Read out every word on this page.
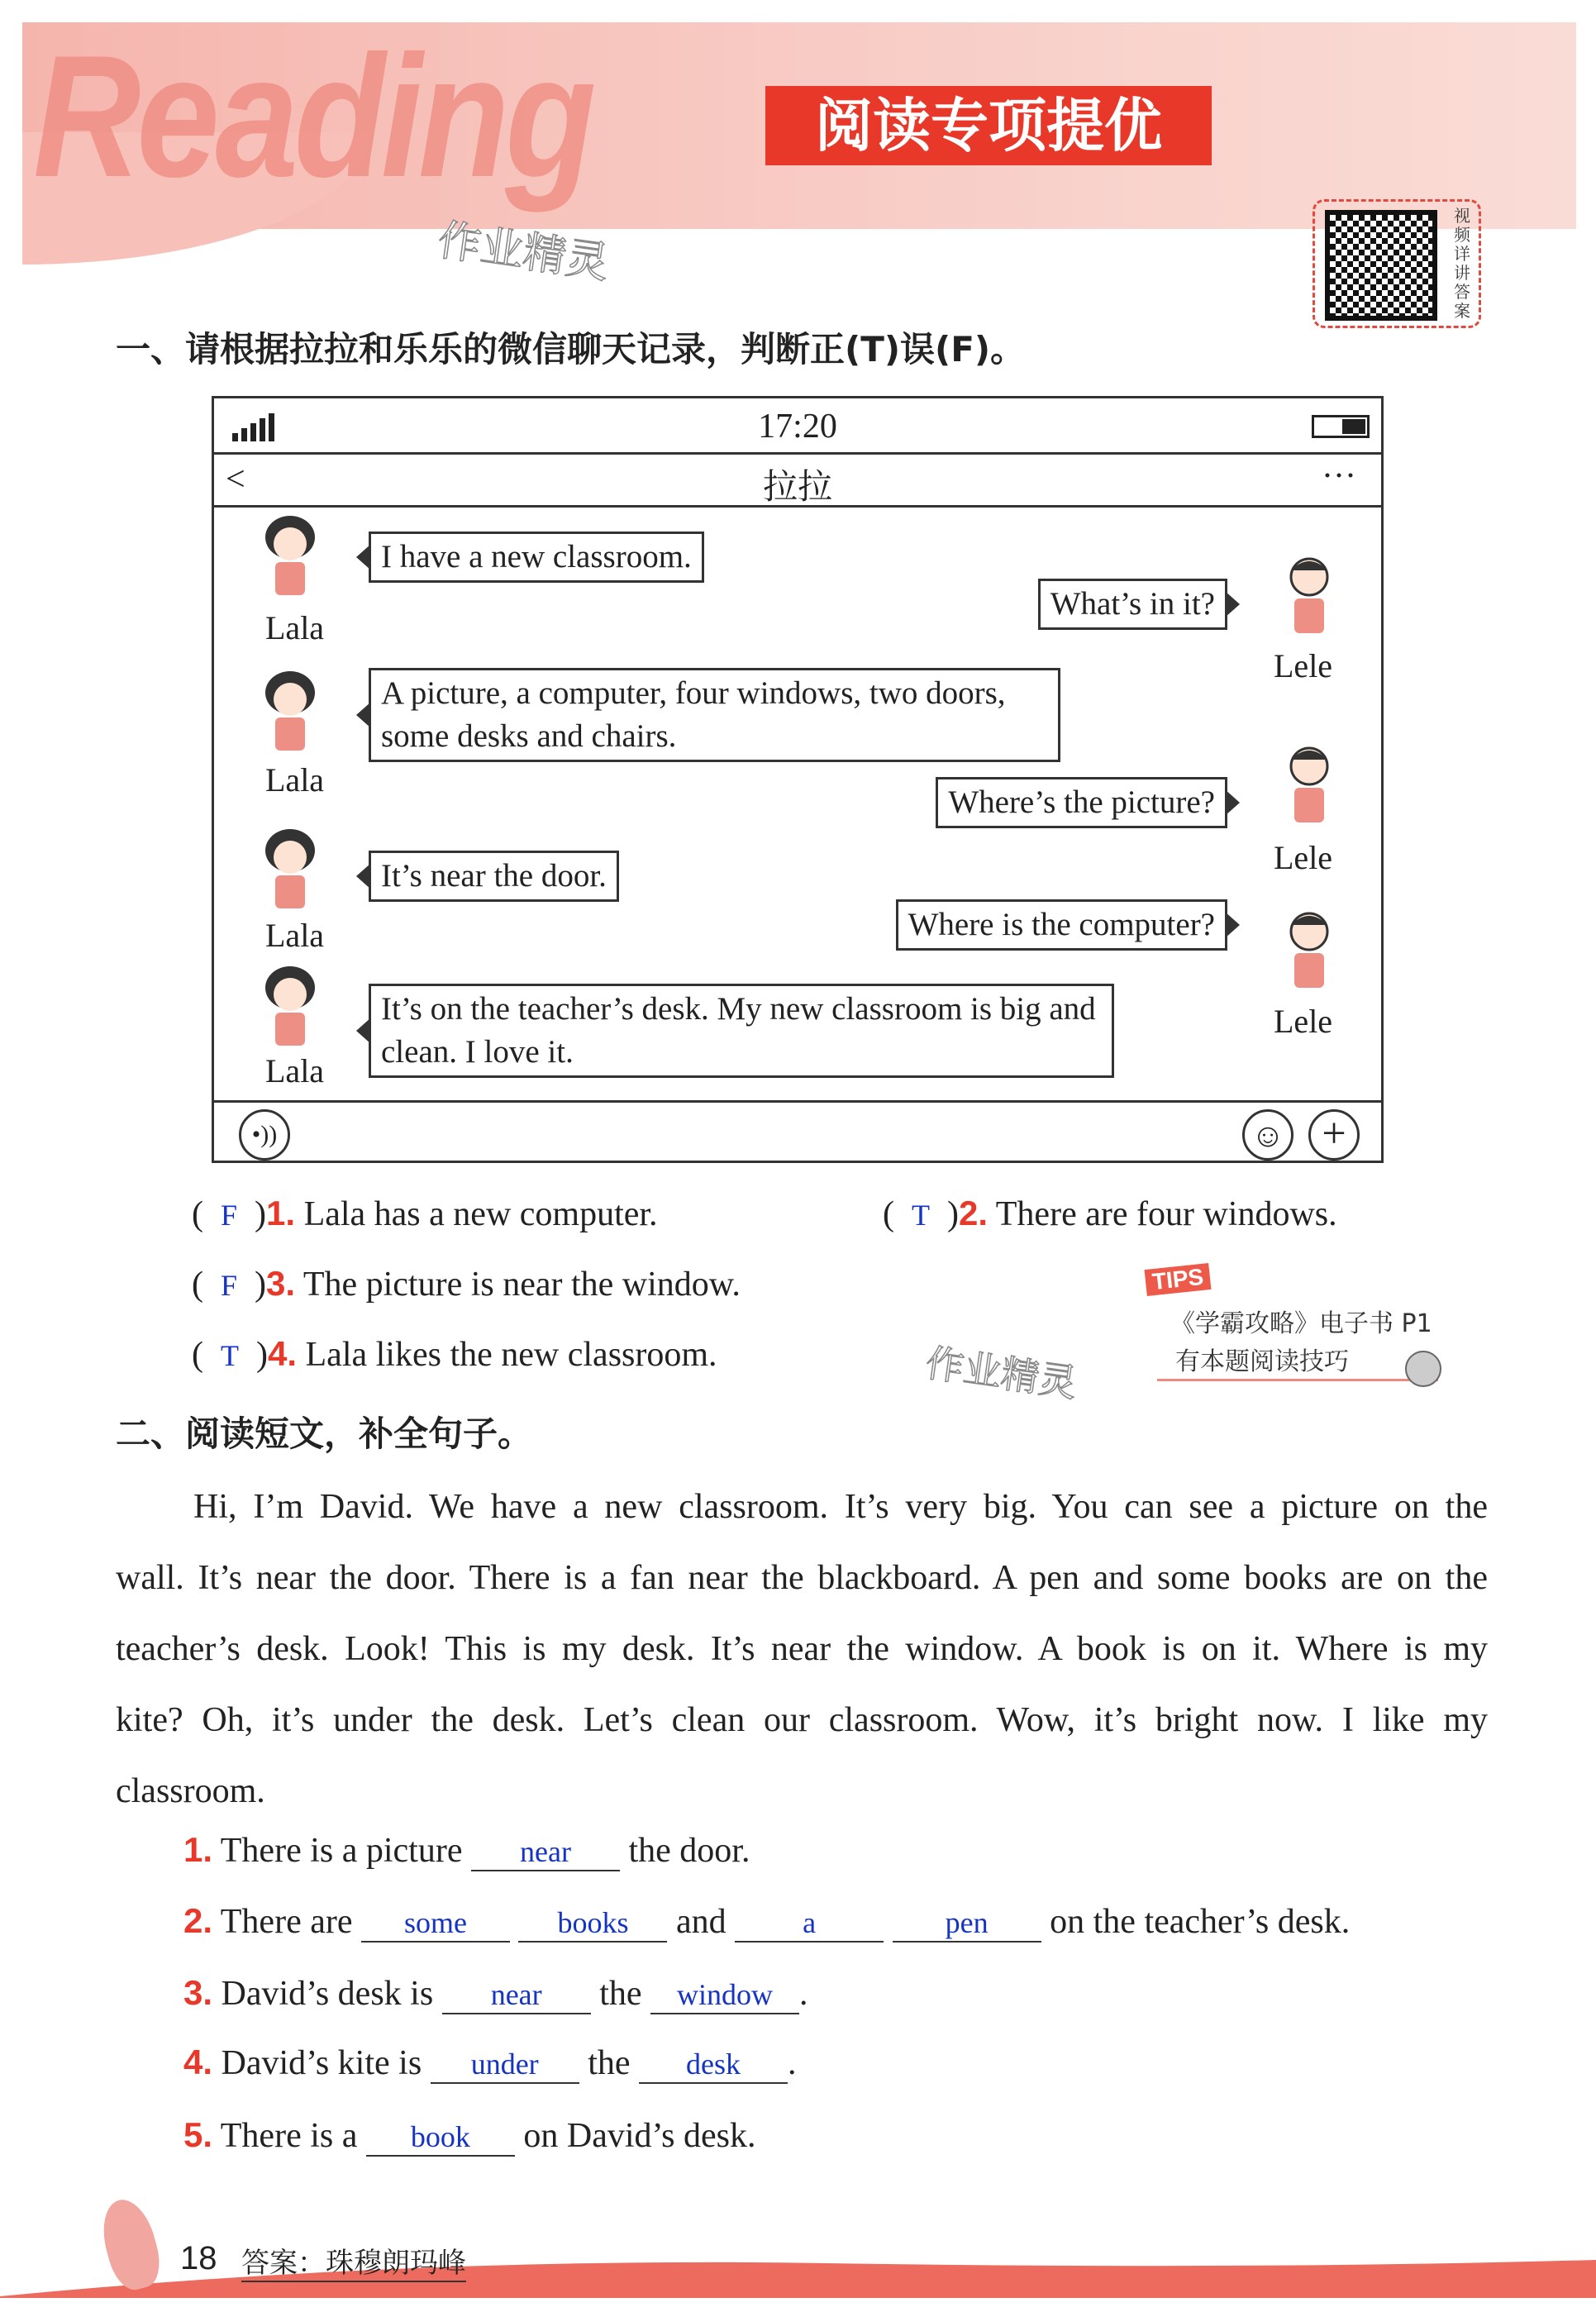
Reading	阅读专项提优
作业精灵	视频详讲答案
一、请根据拉拉和乐乐的微信聊天记录，判断正(T)误(F)。
17:20
<	拉拉	···
Lala
I have a new classroom.
What’s in it?
Lele
Lala
A picture, a computer, four windows, two doors, some desks and chairs.
Where’s the picture?
Lele
Lala
It’s near the door.
Where is the computer?
Lele
Lala
It’s on the teacher’s desk. My new classroom is big and clean. I love it.
•))	☺ +
(  F  )1. Lala has a new computer.	(  T  )2. There are four windows.
(  F  )3. The picture is near the window.
(  T  )4. Lala likes the new classroom.	作业精灵
TIPS
《学霸攻略》电子书 P1
有本题阅读技巧
二、阅读短文，补全句子。
Hi, I’m David. We have a new classroom. It’s very big. You can see a picture on the wall. It’s near the door. There is a fan near the blackboard. A pen and some books are on the teacher’s desk. Look! This is my desk. It’s near the window. A book is on it. Where is my kite? Oh, it’s under the desk. Let’s clean our classroom. Wow, it’s bright now. I like my classroom.
1. There is a picture near the door.
2. There are some	books and	a	pen on the teacher’s desk.
3. David’s desk is near the window .
4. David’s kite is under the desk .
5. There is a book on David’s desk.
18 答案：珠穆朗玛峰
